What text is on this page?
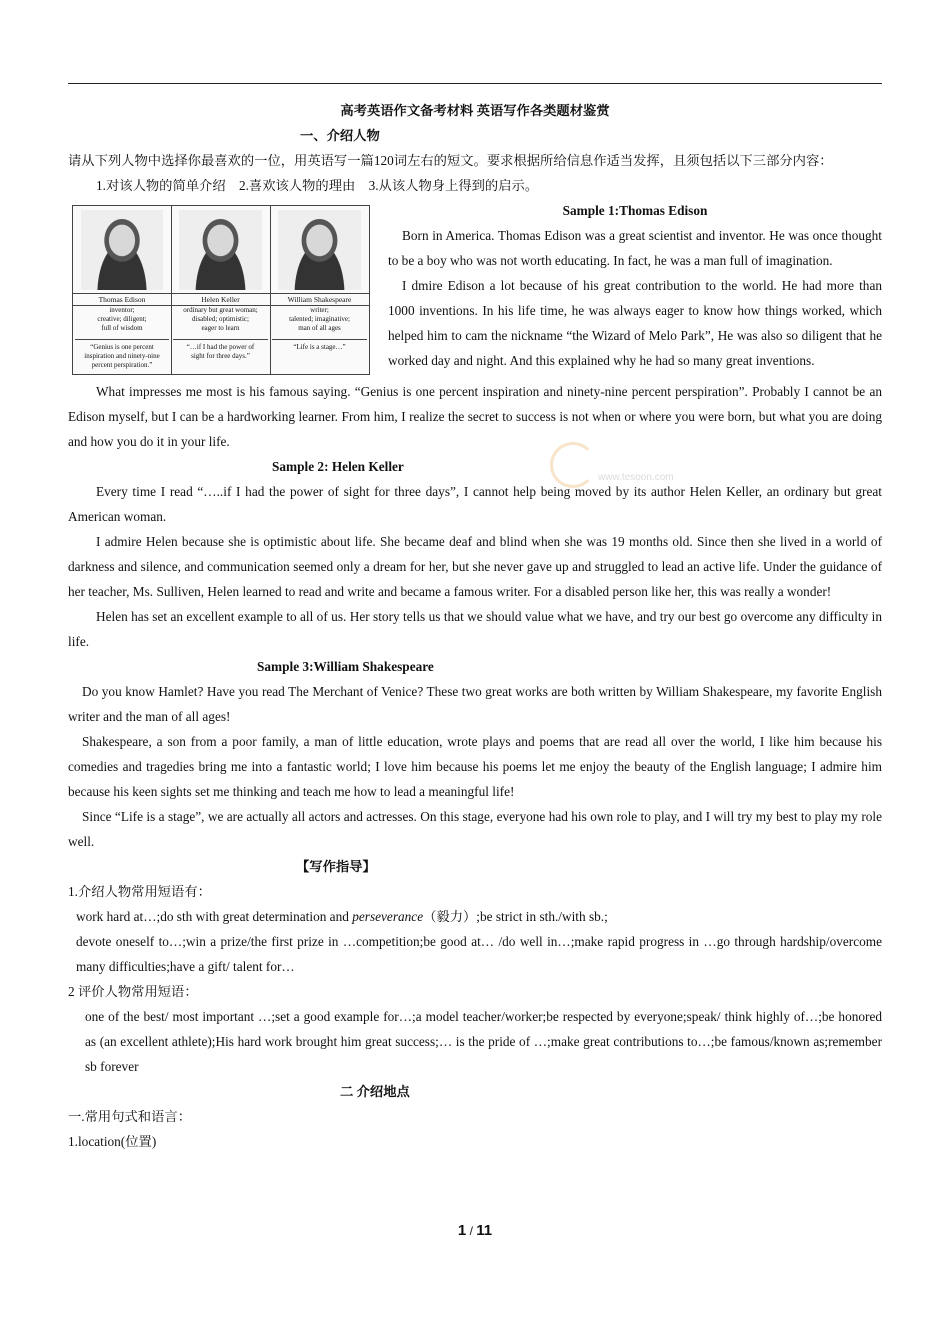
www.tesoon.com

高考英语作文备考材料 英语写作各类题材鉴赏

一、介绍人物

请从下列人物中选择你最喜欢的一位，用英语写一篇120词左右的短文。要求根据所给信息作适当发挥，且须包括以下三部分内容：

1.对该人物的简单介绍　2.喜欢该人物的理由　3.从该人物身上得到的启示。

Thomas Edison
inventor;
creative; diligent;
full of wisdom
“Genius is one percent
inspiration and ninety-nine
percent perspiration.”
Helen Keller
ordinary but great woman;
disabled; optimistic;
eager to learn
“…if I had the power of
sight for three days.”
William Shakespeare
writer;
talented; imaginative;
man of all ages
“Life is a stage…”

Sample 1:Thomas Edison

Born in America. Thomas Edison was a great scientist and inventor. He was once thought to be a boy who was not worth educating. In fact, he was a man full of imagination.

I dmire Edison a lot because of his great contribution to the world. He had more than 1000 inventions. In his life time, he was always eager to know how things worked, which helped him to cam the nickname “the Wizard of Melo Park”, He was also so diligent that he worked day and night. And this explained why he had so many great inventions.

What impresses me most is his famous saying. “Genius is one percent inspiration and ninety-nine percent perspiration”. Probably I cannot be an Edison myself, but I can be a hardworking learner. From him, I realize the secret to success is not when or where you were born, but what you are doing and how you do it in your life.

Sample 2: Helen Keller

Every time I read “…..if I had the power of sight for three days”, I cannot help being moved by its author Helen Keller, an ordinary but great American woman.

I admire Helen because she is optimistic about life. She became deaf and blind when she was 19 months old. Since then she lived in a world of darkness and silence, and communication seemed only a dream for her, but she never gave up and struggled to lead an active life. Under the guidance of her teacher, Ms. Sulliven, Helen learned to read and write and became a famous writer. For a disabled person like her, this was really a wonder!

Helen has set an excellent example to all of us. Her story tells us that we should value what we have, and try our best go overcome any difficulty in life.

Sample 3:William Shakespeare

Do you know Hamlet? Have you read The Merchant of Venice? These two great works are both written by William Shakespeare, my favorite English writer and the man of all ages!

Shakespeare, a son from a poor family, a man of little education, wrote plays and poems that are read all over the world, I like him because his comedies and tragedies bring me into a fantastic world; I love him because his poems let me enjoy the beauty of the English language; I admire him because his keen sights set me thinking and teach me how to lead a meaningful life!

Since “Life is a stage”, we are actually all actors and actresses. On this stage, everyone had his own role to play, and I will try my best to play my role well.

【写作指导】

1.介绍人物常用短语有：

work hard at…;do sth with great determination and perseverance（毅力）;be strict in sth./with sb.;

devote oneself to…;win a prize/the first prize in …competition;be good at… /do well in…;make rapid progress in …go through hardship/overcome many difficulties;have a gift/ talent for…

2 评价人物常用短语：

one of the best/ most important …;set a good example for…;a model teacher/worker;be respected by everyone;speak/ think highly of…;be honored as (an excellent athlete);His hard work brought him great success;… is the pride of …;make great contributions to…;be famous/known as;remember sb forever

二 介绍地点

一.常用句式和语言：

1.location(位置)

1 / 11
